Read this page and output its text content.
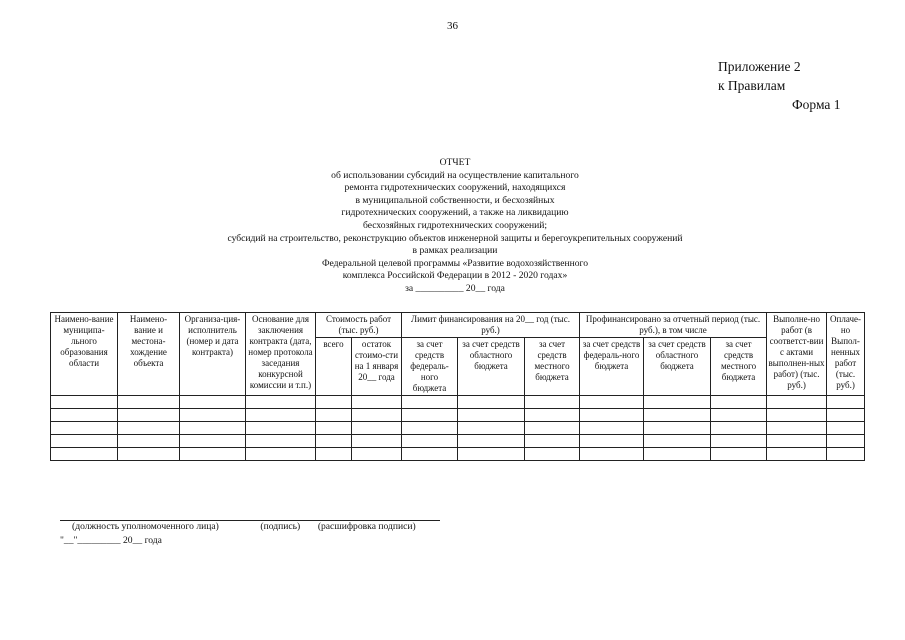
36
Приложение 2
к Правилам
Форма 1
ОТЧЕТ
об использовании субсидий на осуществление капитального
ремонта гидротехнических сооружений, находящихся
в муниципальной собственности, и бесхозяйных
гидротехнических сооружений, а также на ликвидацию
бесхозяйных гидротехнических сооружений;
субсидий на строительство, реконструкцию объектов инженерной защиты и берегоукрепительных сооружений
в рамках реализации
Федеральной целевой программы «Развитие водохозяйственного
комплекса Российской Федерации в 2012 - 2020 годах»
за __________ 20__ года
Наимено-вание муниципа-льного образования области	Наимено-вание и местона-хождение объекта	Организа-ция-исполнитель (номер и дата контракта)	Основание для заключения контракта (дата, номер протокола заседания конкурсной комиссии и т.п.)	Стоимость работ (тыс. руб.)		Лимит финансирования на 20__ год (тыс. руб.)			Профинансировано за отчетный период (тыс. руб.), в том числе			Выполне-но работ (в соответст-вии с актами выполнен-ных работ) (тыс. руб.)	Оплаче-но Выпол-ненных работ (тыс. руб.)
				всего	остаток стоимо-сти на 1 января 20__ года	за счет средств федераль-ного бюджета	за счет средств областного бюджета	за счет средств местного бюджета	за счет средств федераль-ного бюджета	за счет средств областного бюджета	за счет средств местного бюджета		

(должность уполномоченного лица)	(подпись) (расшифровка подписи)
"__"_________ 20__ года
